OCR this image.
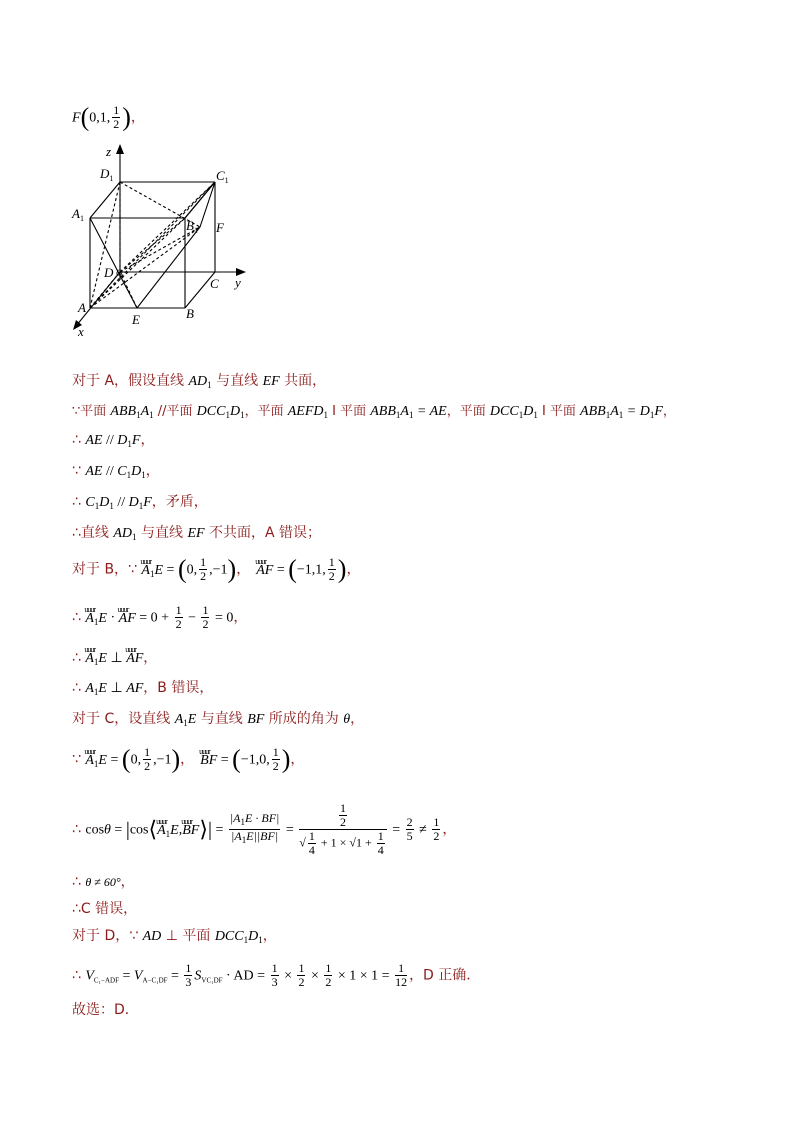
F(0,1, $\frac{1}{2}$ )，
z
y
x
$D_1$	$C_1$
$A_1$	$B_1$ F
D
C
A
E	B
O
对于 A，假设直线 $AD_1$ 与直线 EF 共面，
∵平面 $ABB_1A_1$ //平面 $DCC_1D_1$，平面 $AEFD_1$ I 平面 $ABB_1A_1$ = AE，平面 $DCC_1D_1$ I 平面 $ABB_1A_1 = D_1F$，
∴ AE // $D_1F$，
∵ AE // $C_1D_1$，
∴ $C_1D_1 // D_1F$，矛盾，
∴直线 $AD_1$ 与直线 EF 不共面，A 错误；
对于 B，∵ uuur $A_1E = (0$, $\frac{1}{2} ,-1$)， uuur AF = (−1,1, $\frac{1}{2}$ )，
∴ uuur $A_1E$ · uuur AF = $0 + \frac{1}{2} - \frac{1}{2} = 0$，
∴ uuur $A_1E$ ⊥ uuur AF，
∴ $A_1E$ ⊥ AF，B 错误，
对于 C，设直线 $A_1E$ 与直线 BF 所成的角为 θ，
∵ uuur $A_1E = (0$, $\frac{1}{2} ,-1$)， uuur BF = (−1,0, $\frac{1}{2}$ )，
∴ cosθ = |cos⟨uuur $A_1E,uuur$ BF⟩| = $\frac{|A_1E \cdot BF|}{|A_1E||BF|} = \frac{\frac{1}{2}}{√ \frac{1}{4} + 1 \times √1 + \frac{1}{4}} = \frac{2}{5} \ne \frac{1}{2}$ ，
∴ θ ≠ 60°，
∴C 错误，
对于 D，∵ AD ⊥ 平面 $DCC_1D_1$，
∴ $V_{C_1-ADF} = V_{A-C_1DF} = \frac{1}{3} S_{VC_1DF}$ · AD = $\frac{1}{3} \times \frac{1}{2} \times \frac{1}{2} \times 1 \times 1 = \frac{1}{12}$ ，D 正确．
故选：D．
